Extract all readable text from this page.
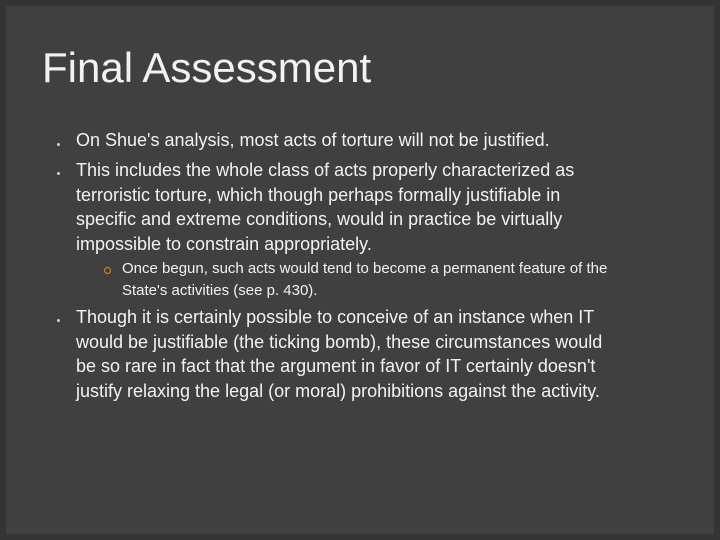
Final Assessment
On Shue's analysis, most acts of torture will not be justified.
This includes the whole class of acts properly characterized as terroristic torture, which though perhaps formally justifiable in specific and extreme conditions, would in practice be virtually impossible to constrain appropriately.
Once begun, such acts would tend to become a permanent feature of the State's activities (see p. 430).
Though it is certainly possible to conceive of an instance when IT would be justifiable (the ticking bomb), these circumstances would be so rare in fact that the argument in favor of IT certainly doesn't justify relaxing the legal (or moral) prohibitions against the activity.
